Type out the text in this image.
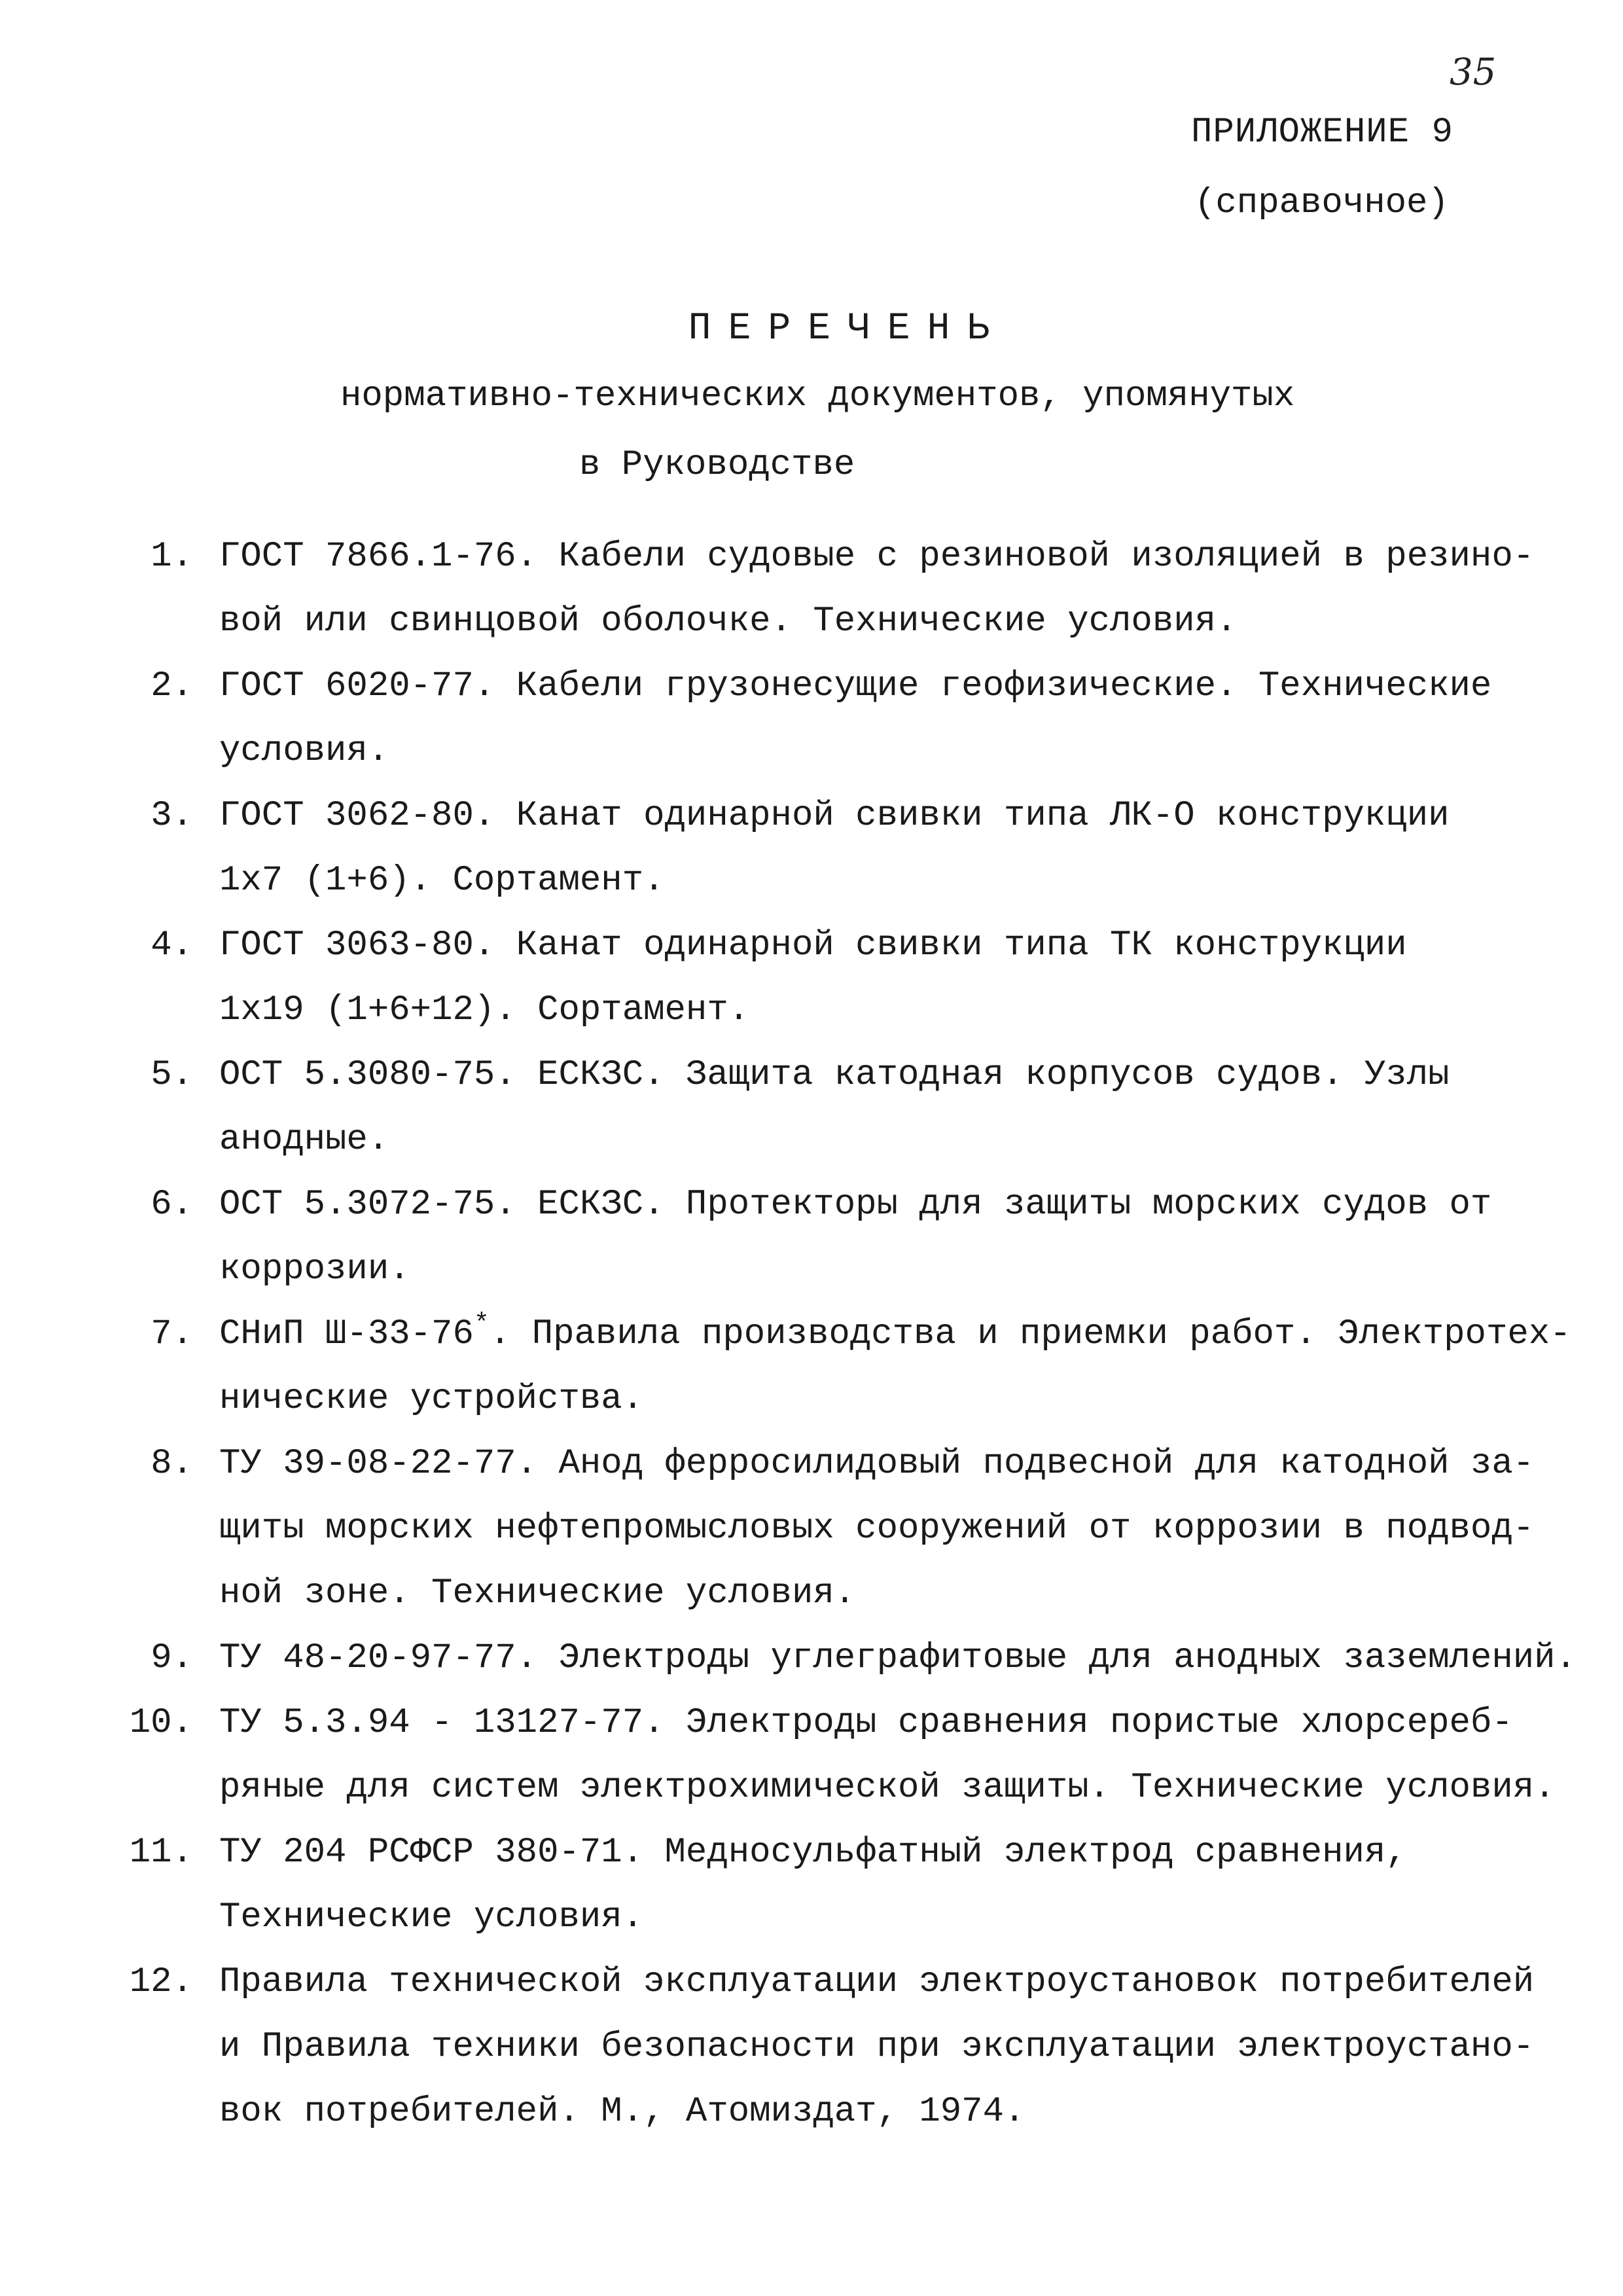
35
ПРИЛОЖЕНИЕ 9
(справочное)
ПЕРЕЧЕНЬ
нормативно-технических документов, упомянутых
в Руководстве
1. ГОСТ 7866.1-76. Кабели судовые с резиновой изоляцией в резино-
вой или свинцовой оболочке. Технические условия.
2. ГОСТ 6020-77. Кабели грузонесущие геофизические. Технические
условия.
3. ГОСТ 3062-80. Канат одинарной свивки типа ЛК-О конструкции
1x7 (1+6). Сортамент.
4. ГОСТ 3063-80. Канат одинарной свивки типа ТК конструкции
1x19 (1+6+12). Сортамент.
5. ОСТ 5.3080-75. ЕСКЗС. Защита катодная корпусов судов. Узлы
анодные.
6. ОСТ 5.3072-75. ЕСКЗС. Протекторы для защиты морских судов от
коррозии.
7. СНиП Ш-33-76*. Правила производства и приемки работ. Электротех-
нические устройства.
8. ТУ 39-08-22-77. Анод ферросилидовый подвесной для катодной за-
щиты морских нефтепромысловых сооружений от коррозии в подвод-
ной зоне. Технические условия.
9. ТУ 48-20-97-77. Электроды углеграфитовые для анодных заземлений.
10. ТУ 5.3.94 - 13127-77. Электроды сравнения пористые хлорсереб-
ряные для систем электрохимической защиты. Технические условия.
11. ТУ 204 РСФСР 380-71. Медносульфатный электрод сравнения,
Технические условия.
12. Правила технической эксплуатации электроустановок потребителей
и Правила техники безопасности при эксплуатации электроустано-
вок потребителей. М., Атомиздат, 1974.
